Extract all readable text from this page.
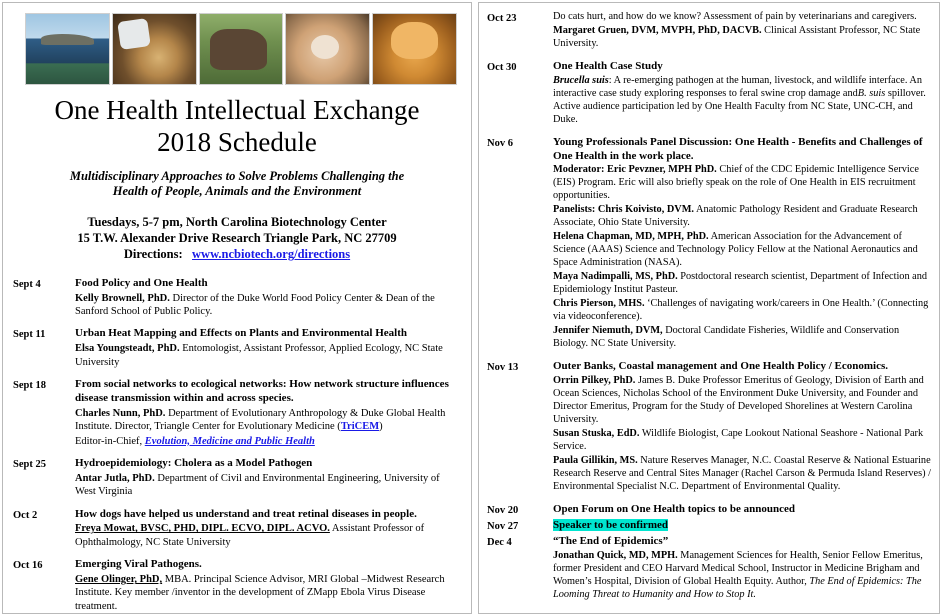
One Health Intellectual Exchange
2018 Schedule
Multidisciplinary Approaches to Solve Problems Challenging the
Health of People, Animals and the Environment
Tuesdays, 5-7 pm, North Carolina Biotechnology Center
15 T.W. Alexander Drive Research Triangle Park, NC 27709
Directions: www.ncbiotech.org/directions
Sept 4	Food Policy and One Health
Kelly Brownell, PhD. Director of the Duke World Food Policy Center & Dean of the Sanford School of Public Policy.
Sept 11	Urban Heat Mapping and Effects on Plants and Environmental Health
Elsa Youngsteadt, PhD. Entomologist, Assistant Professor, Applied Ecology, NC State University
Sept 18	From social networks to ecological networks: How network structure influences disease transmission within and across species.
Charles Nunn, PhD. Department of Evolutionary Anthropology & Duke Global Health Institute. Director, Triangle Center for Evolutionary Medicine (TriCEM)
Editor-in-Chief, Evolution, Medicine and Public Health
Sept 25	Hydroepidemiology: Cholera as a Model Pathogen
Antar Jutla, PhD. Department of Civil and Environmental Engineering, University of West Virginia
Oct 2	How dogs have helped us understand and treat retinal diseases in people.
Freya Mowat, BVSC, PHD, DIPL. ECVO, DIPL. ACVO. Assistant Professor of Ophthalmology, NC State University
Oct 16	Emerging Viral Pathogens.
Gene Olinger, PhD, MBA. Principal Science Advisor, MRI Global –Midwest Research Institute. Key member /inventor in the development of ZMapp Ebola Virus Disease treatment.
Oct 23	Do cats hurt, and how do we know? Assessment of pain by veterinarians and caregivers.
Margaret Gruen, DVM, MVPH, PhD, DACVB. Clinical Assistant Professor, NC State University.
Oct 30	One Health Case Study
Brucella suis: A re-emerging pathogen at the human, livestock, and wildlife interface. An interactive case study exploring responses to feral swine crop damage andB. suis spillover. Active audience participation led by One Health Faculty from NC State, UNC-CH, and Duke.
Nov 6	Young Professionals Panel Discussion: One Health - Benefits and Challenges of One Health in the work place.
Moderator: Eric Pevzner, MPH PhD. Chief of the CDC Epidemic Intelligence Service (EIS) Program. Eric will also briefly speak on the role of One Health in EIS recruitment opportunities.
Panelists: Chris Koivisto, DVM. Anatomic Pathology Resident and Graduate Research Associate, Ohio State University.
Helena Chapman, MD, MPH, PhD. American Association for the Advancement of Science (AAAS) Science and Technology Policy Fellow at the National Aeronautics and Space Administration (NASA).
Maya Nadimpalli, MS, PhD. Postdoctoral research scientist, Department of Infection and Epidemiology Institut Pasteur.
Chris Pierson, MHS. ‘Challenges of navigating work/careers in One Health.’ (Connecting via videoconference).
Jennifer Niemuth, DVM, Doctoral Candidate Fisheries, Wildlife and Conservation Biology. NC State University.
Nov 13	Outer Banks, Coastal management and One Health Policy / Economics.
Orrin Pilkey, PhD. James B. Duke Professor Emeritus of Geology, Division of Earth and Ocean Sciences, Nicholas School of the Environment Duke University, and Founder and Director Emeritus, Program for the Study of Developed Shorelines at Western Carolina University.
Susan Stuska, EdD. Wildlife Biologist, Cape Lookout National Seashore - National Park Service.
Paula Gillikin, MS. Nature Reserves Manager, N.C. Coastal Reserve & National Estuarine Research Reserve and Central Sites Manager (Rachel Carson & Permuda Island Reserves) / Environmental Specialist N.C. Department of Environmental Quality.
Nov 20	Open Forum on One Health topics to be announced
Nov 27	Speaker to be confirmed
Dec 4	“The End of Epidemics”
Jonathan Quick, MD, MPH. Management Sciences for Health, Senior Fellow Emeritus, former President and CEO Harvard Medical School, Instructor in Medicine Brigham and Women’s Hospital, Division of Global Health Equity. Author, The End of Epidemics: The Looming Threat to Humanity and How to Stop It.
